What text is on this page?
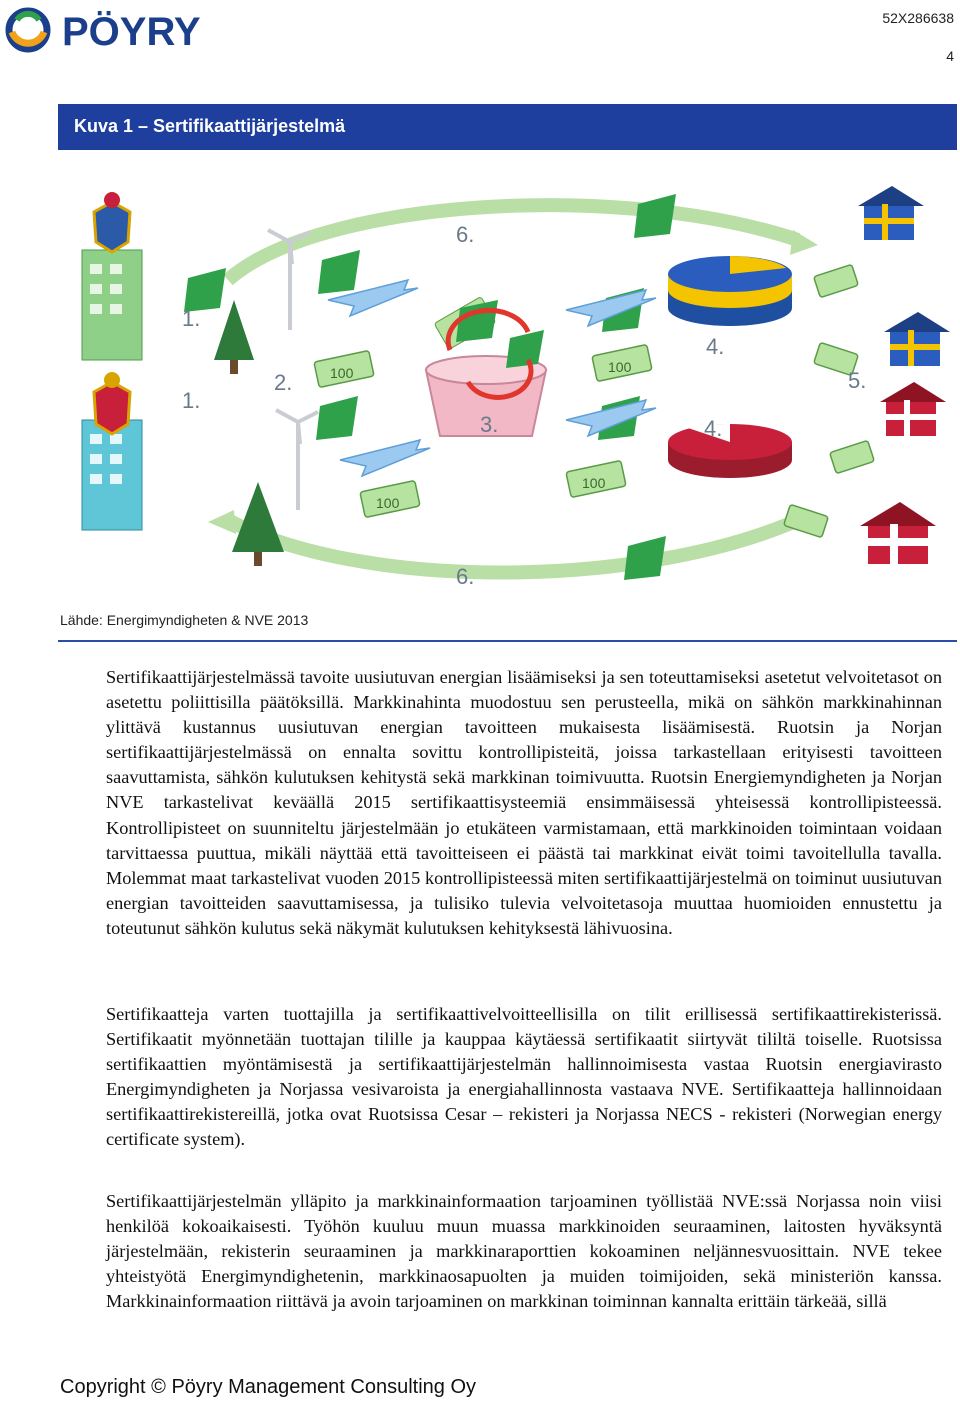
PÖYRY	52X286638
4
Kuva 1 – Sertifikaattijärjestelmä
100
100
100
100
6.
1.
2.
1.
3.
4.
5.
4.
6.
Lähde: Energimyndigheten & NVE 2013
Sertifikaattijärjestelmässä tavoite uusiutuvan energian lisäämiseksi ja sen toteuttamiseksi asetetut velvoitetasot on asetettu poliittisilla päätöksillä. Markkinahinta muodostuu sen perusteella, mikä on sähkön markkinahinnan ylittävä kustannus uusiutuvan energian tavoitteen mukaisesta lisäämisestä. Ruotsin ja Norjan sertifikaattijärjestelmässä on ennalta sovittu kontrollipisteitä, joissa tarkastellaan erityisesti tavoitteen saavuttamista, sähkön kulutuksen kehitystä sekä markkinan toimivuutta. Ruotsin Energiemyndigheten ja Norjan NVE tarkastelivat keväällä 2015 sertifikaattisysteemiä ensimmäisessä yhteisessä kontrollipisteessä. Kontrollipisteet on suunniteltu järjestelmään jo etukäteen varmistamaan, että markkinoiden toimintaan voidaan tarvittaessa puuttua, mikäli näyttää että tavoitteiseen ei päästä tai markkinat eivät toimi tavoitellulla tavalla. Molemmat maat tarkastelivat vuoden 2015 kontrollipisteessä miten sertifikaattijärjestelmä on toiminut uusiutuvan energian tavoitteiden saavuttamisessa, ja tulisiko tulevia velvoitetasoja muuttaa huomioiden ennustettu ja toteutunut sähkön kulutus sekä näkymät kulutuksen kehityksestä lähivuosina.
Sertifikaatteja varten tuottajilla ja sertifikaattivelvoitteellisilla on tilit erillisessä sertifikaattirekisterissä. Sertifikaatit myönnetään tuottajan tilille ja kauppaa käytäessä sertifikaatit siirtyvät tililtä toiselle. Ruotsissa sertifikaattien myöntämisestä ja sertifikaattijärjestelmän hallinnoimisesta vastaa Ruotsin energiavirasto Energimyndigheten ja Norjassa vesivaroista ja energiahallinnosta vastaava NVE. Sertifikaatteja hallinnoidaan sertifikaattirekistereillä, jotka ovat Ruotsissa Cesar – rekisteri ja Norjassa NECS - rekisteri (Norwegian energy certificate system).
Sertifikaattijärjestelmän ylläpito ja markkinainformaation tarjoaminen työllistää NVE:ssä Norjassa noin viisi henkilöä kokoaikaisesti. Työhön kuuluu muun muassa markkinoiden seuraaminen, laitosten hyväksyntä järjestelmään, rekisterin seuraaminen ja markkinaraporttien kokoaminen neljännesvuosittain. NVE tekee yhteistyötä Energimyndighetenin, markkinaosapuolten ja muiden toimijoiden, sekä ministeriön kanssa. Markkinainformaation riittävä ja avoin tarjoaminen on markkinan toiminnan kannalta erittäin tärkeää, sillä
Copyright © Pöyry Management Consulting Oy
